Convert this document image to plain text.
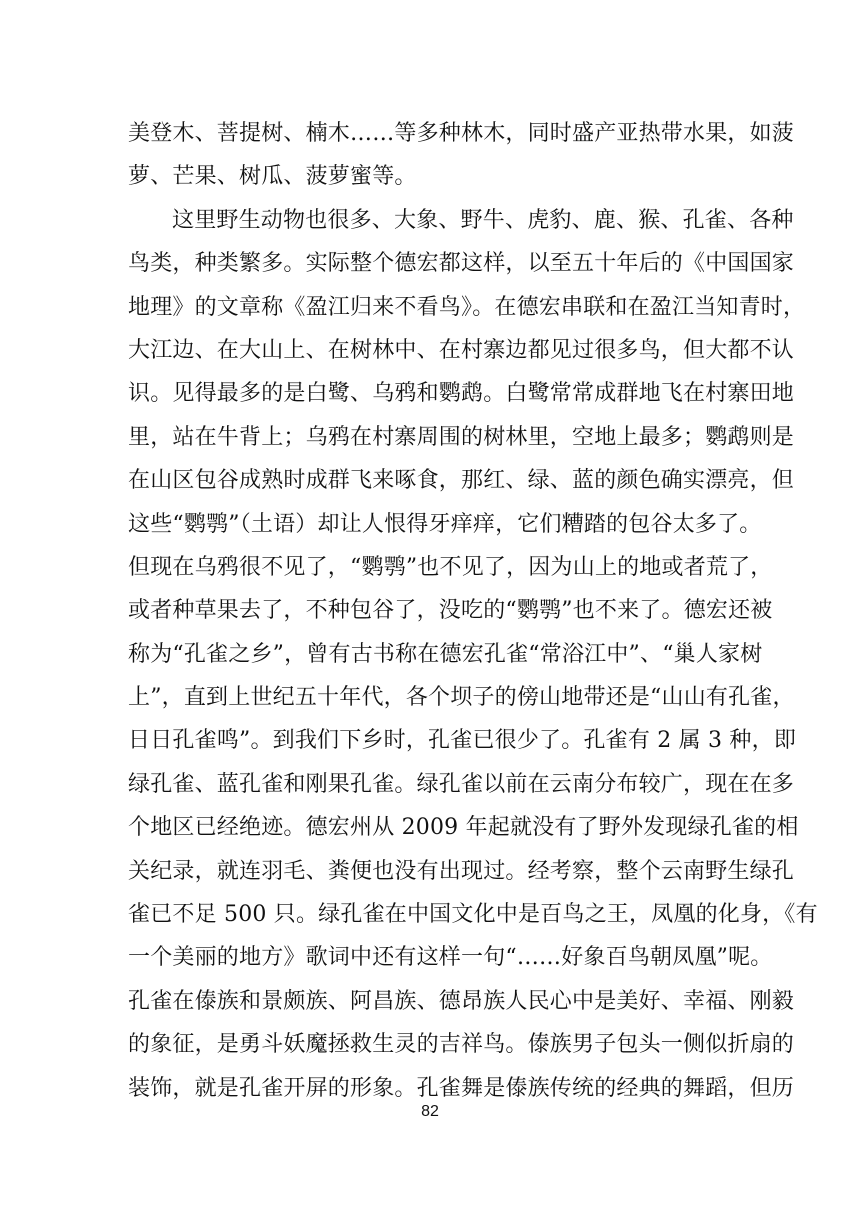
美登木、菩提树、楠木……等多种林木，同时盛产亚热带水果，如菠
萝、芒果、树瓜、菠萝蜜等。
这里野生动物也很多、大象、野牛、虎豹、鹿、猴、孔雀、各种
鸟类，种类繁多。实际整个德宏都这样，以至五十年后的《中国国家
地理》的文章称《盈江归来不看鸟》。在德宏串联和在盈江当知青时，
大江边、在大山上、在树林中、在村寨边都见过很多鸟，但大都不认
识。见得最多的是白鹭、乌鸦和鹦鹉。白鹭常常成群地飞在村寨田地
里，站在牛背上；乌鸦在村寨周围的树林里，空地上最多；鹦鹉则是
在山区包谷成熟时成群飞来啄食，那红、绿、蓝的颜色确实漂亮，但
这些“鹦鹗”（土语）却让人恨得牙痒痒，它们糟踏的包谷太多了。
但现在乌鸦很不见了，“鹦鹗”也不见了，因为山上的地或者荒了，
或者种草果去了，不种包谷了，没吃的“鹦鹗”也不来了。德宏还被
称为“孔雀之乡”，曾有古书称在德宏孔雀“常浴江中”、“巢人家树
上”，直到上世纪五十年代，各个坝子的傍山地带还是“山山有孔雀，
日日孔雀鸣”。到我们下乡时，孔雀已很少了。孔雀有 2 属 3 种，即
绿孔雀、蓝孔雀和刚果孔雀。绿孔雀以前在云南分布较广，现在在多
个地区已经绝迹。德宏州从 2009 年起就没有了野外发现绿孔雀的相
关纪录，就连羽毛、粪便也没有出现过。经考察，整个云南野生绿孔
雀已不足 500 只。绿孔雀在中国文化中是百鸟之王，凤凰的化身，《有
一个美丽的地方》歌词中还有这样一句“……好象百鸟朝凤凰”呢。
孔雀在傣族和景颇族、阿昌族、德昂族人民心中是美好、幸福、刚毅
的象征，是勇斗妖魔拯救生灵的吉祥鸟。傣族男子包头一侧似折扇的
装饰，就是孔雀开屏的形象。孔雀舞是傣族传统的经典的舞蹈，但历
82
